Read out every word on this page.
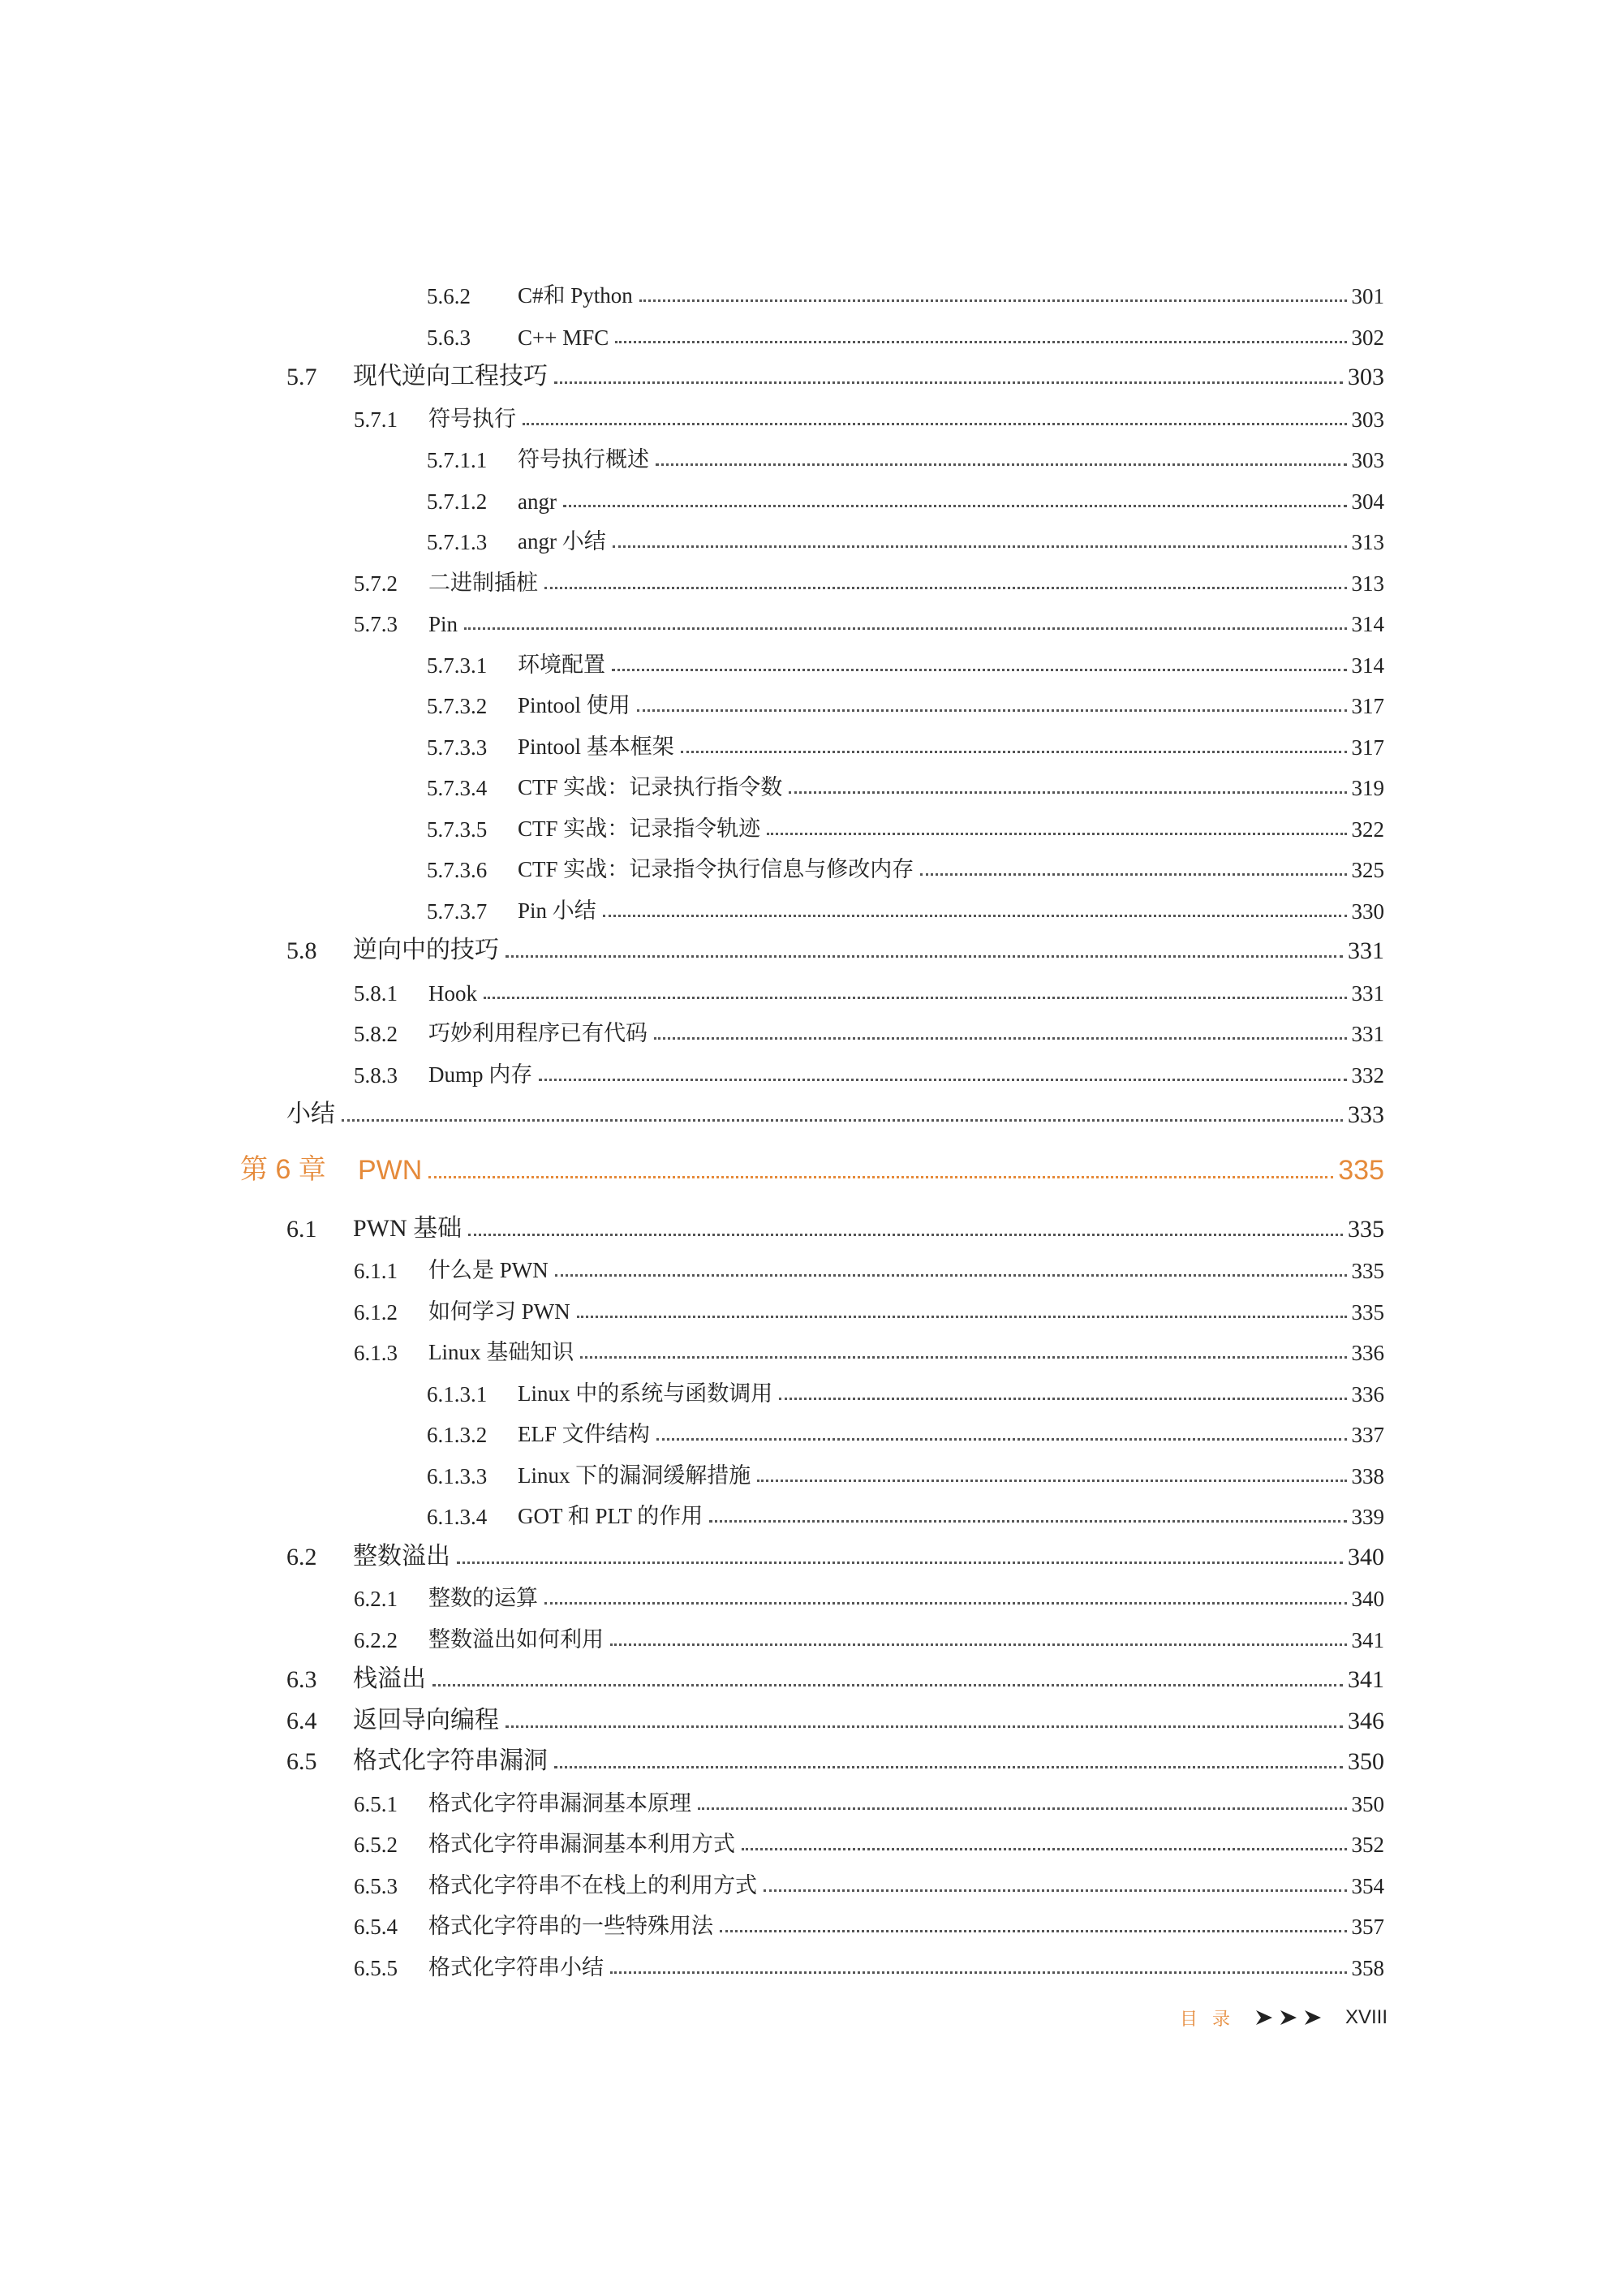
5.6.2	C#和 Python	301
5.6.3	C++ MFC	302
5.7	现代逆向工程技巧	303
5.7.1	符号执行	303
5.7.1.1	符号执行概述	303
5.7.1.2	angr	304
5.7.1.3	angr 小结	313
5.7.2	二进制插桩	313
5.7.3	Pin	314
5.7.3.1	环境配置	314
5.7.3.2	Pintool 使用	317
5.7.3.3	Pintool 基本框架	317
5.7.3.4	CTF 实战：记录执行指令数	319
5.7.3.5	CTF 实战：记录指令轨迹	322
5.7.3.6	CTF 实战：记录指令执行信息与修改内存	325
5.7.3.7	Pin 小结	330
5.8	逆向中的技巧	331
5.8.1	Hook	331
5.8.2	巧妙利用程序已有代码	331
5.8.3	Dump 内存	332
小结	333
第 6 章	PWN	335
6.1	PWN 基础	335
6.1.1	什么是 PWN	335
6.1.2	如何学习 PWN	335
6.1.3	Linux 基础知识	336
6.1.3.1	Linux 中的系统与函数调用	336
6.1.3.2	ELF 文件结构	337
6.1.3.3	Linux 下的漏洞缓解措施	338
6.1.3.4	GOT 和 PLT 的作用	339
6.2	整数溢出	340
6.2.1	整数的运算	340
6.2.2	整数溢出如何利用	341
6.3	栈溢出	341
6.4	返回导向编程	346
6.5	格式化字符串漏洞	350
6.5.1	格式化字符串漏洞基本原理	350
6.5.2	格式化字符串漏洞基本利用方式	352
6.5.3	格式化字符串不在栈上的利用方式	354
6.5.4	格式化字符串的一些特殊用法	357
6.5.5	格式化字符串小结	358
目录	XVIII
